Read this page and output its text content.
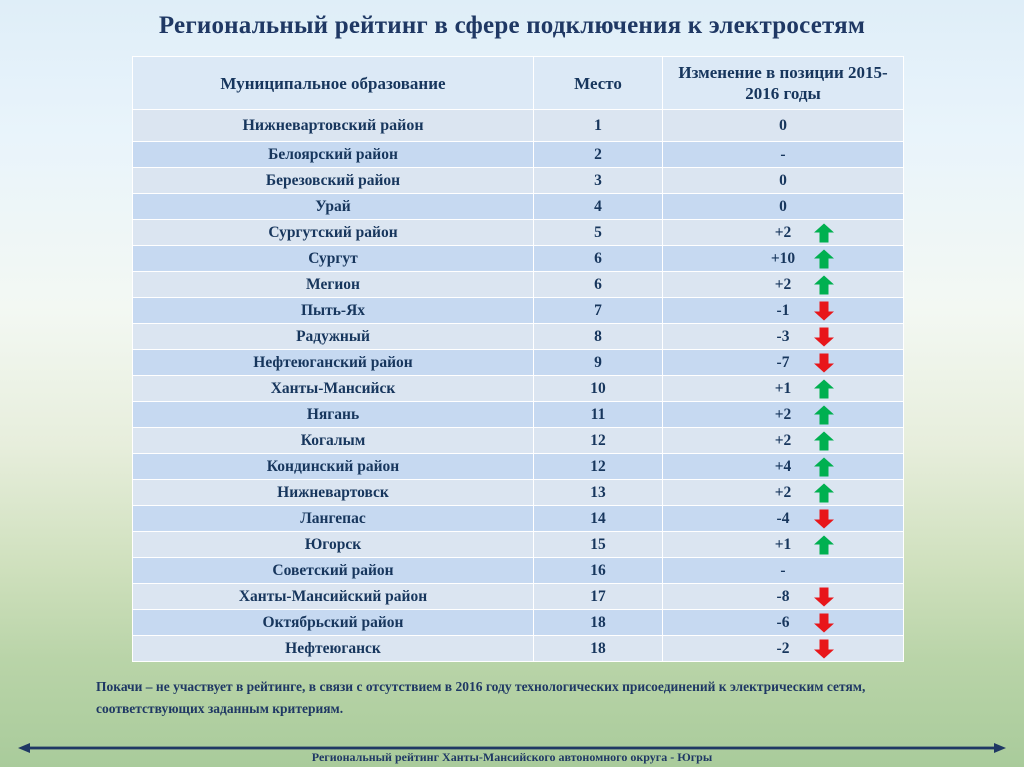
Региональный рейтинг в сфере подключения к электросетям
Муниципальное образование	Место	Изменение в позиции 2015-2016 годы
Нижневартовский район	1	0
Белоярский район	2	-
Березовский район	3	0
Урай	4	0
Сургутский район	5	+2

Сургут	6	+10

Мегион	6	+2

Пыть-Ях	7	-1

Радужный	8	-3

Нефтеюганский район	9	-7

Ханты-Мансийск	10	+1

Нягань	11	+2

Когалым	12	+2

Кондинский район	12	+4

Нижневартовск	13	+2

Лангепас	14	-4

Югорск	15	+1

Советский район	16	-
Ханты-Мансийский район	17	-8

Октябрьский район	18	-6

Нефтеюганск	18	-2
Покачи – не участвует в рейтинге, в связи с отсутствием в 2016 году технологических присоединений к электрическим сетям, соответствующих заданным критериям.
Региональный рейтинг Ханты-Мансийского автономного округа - Югры
